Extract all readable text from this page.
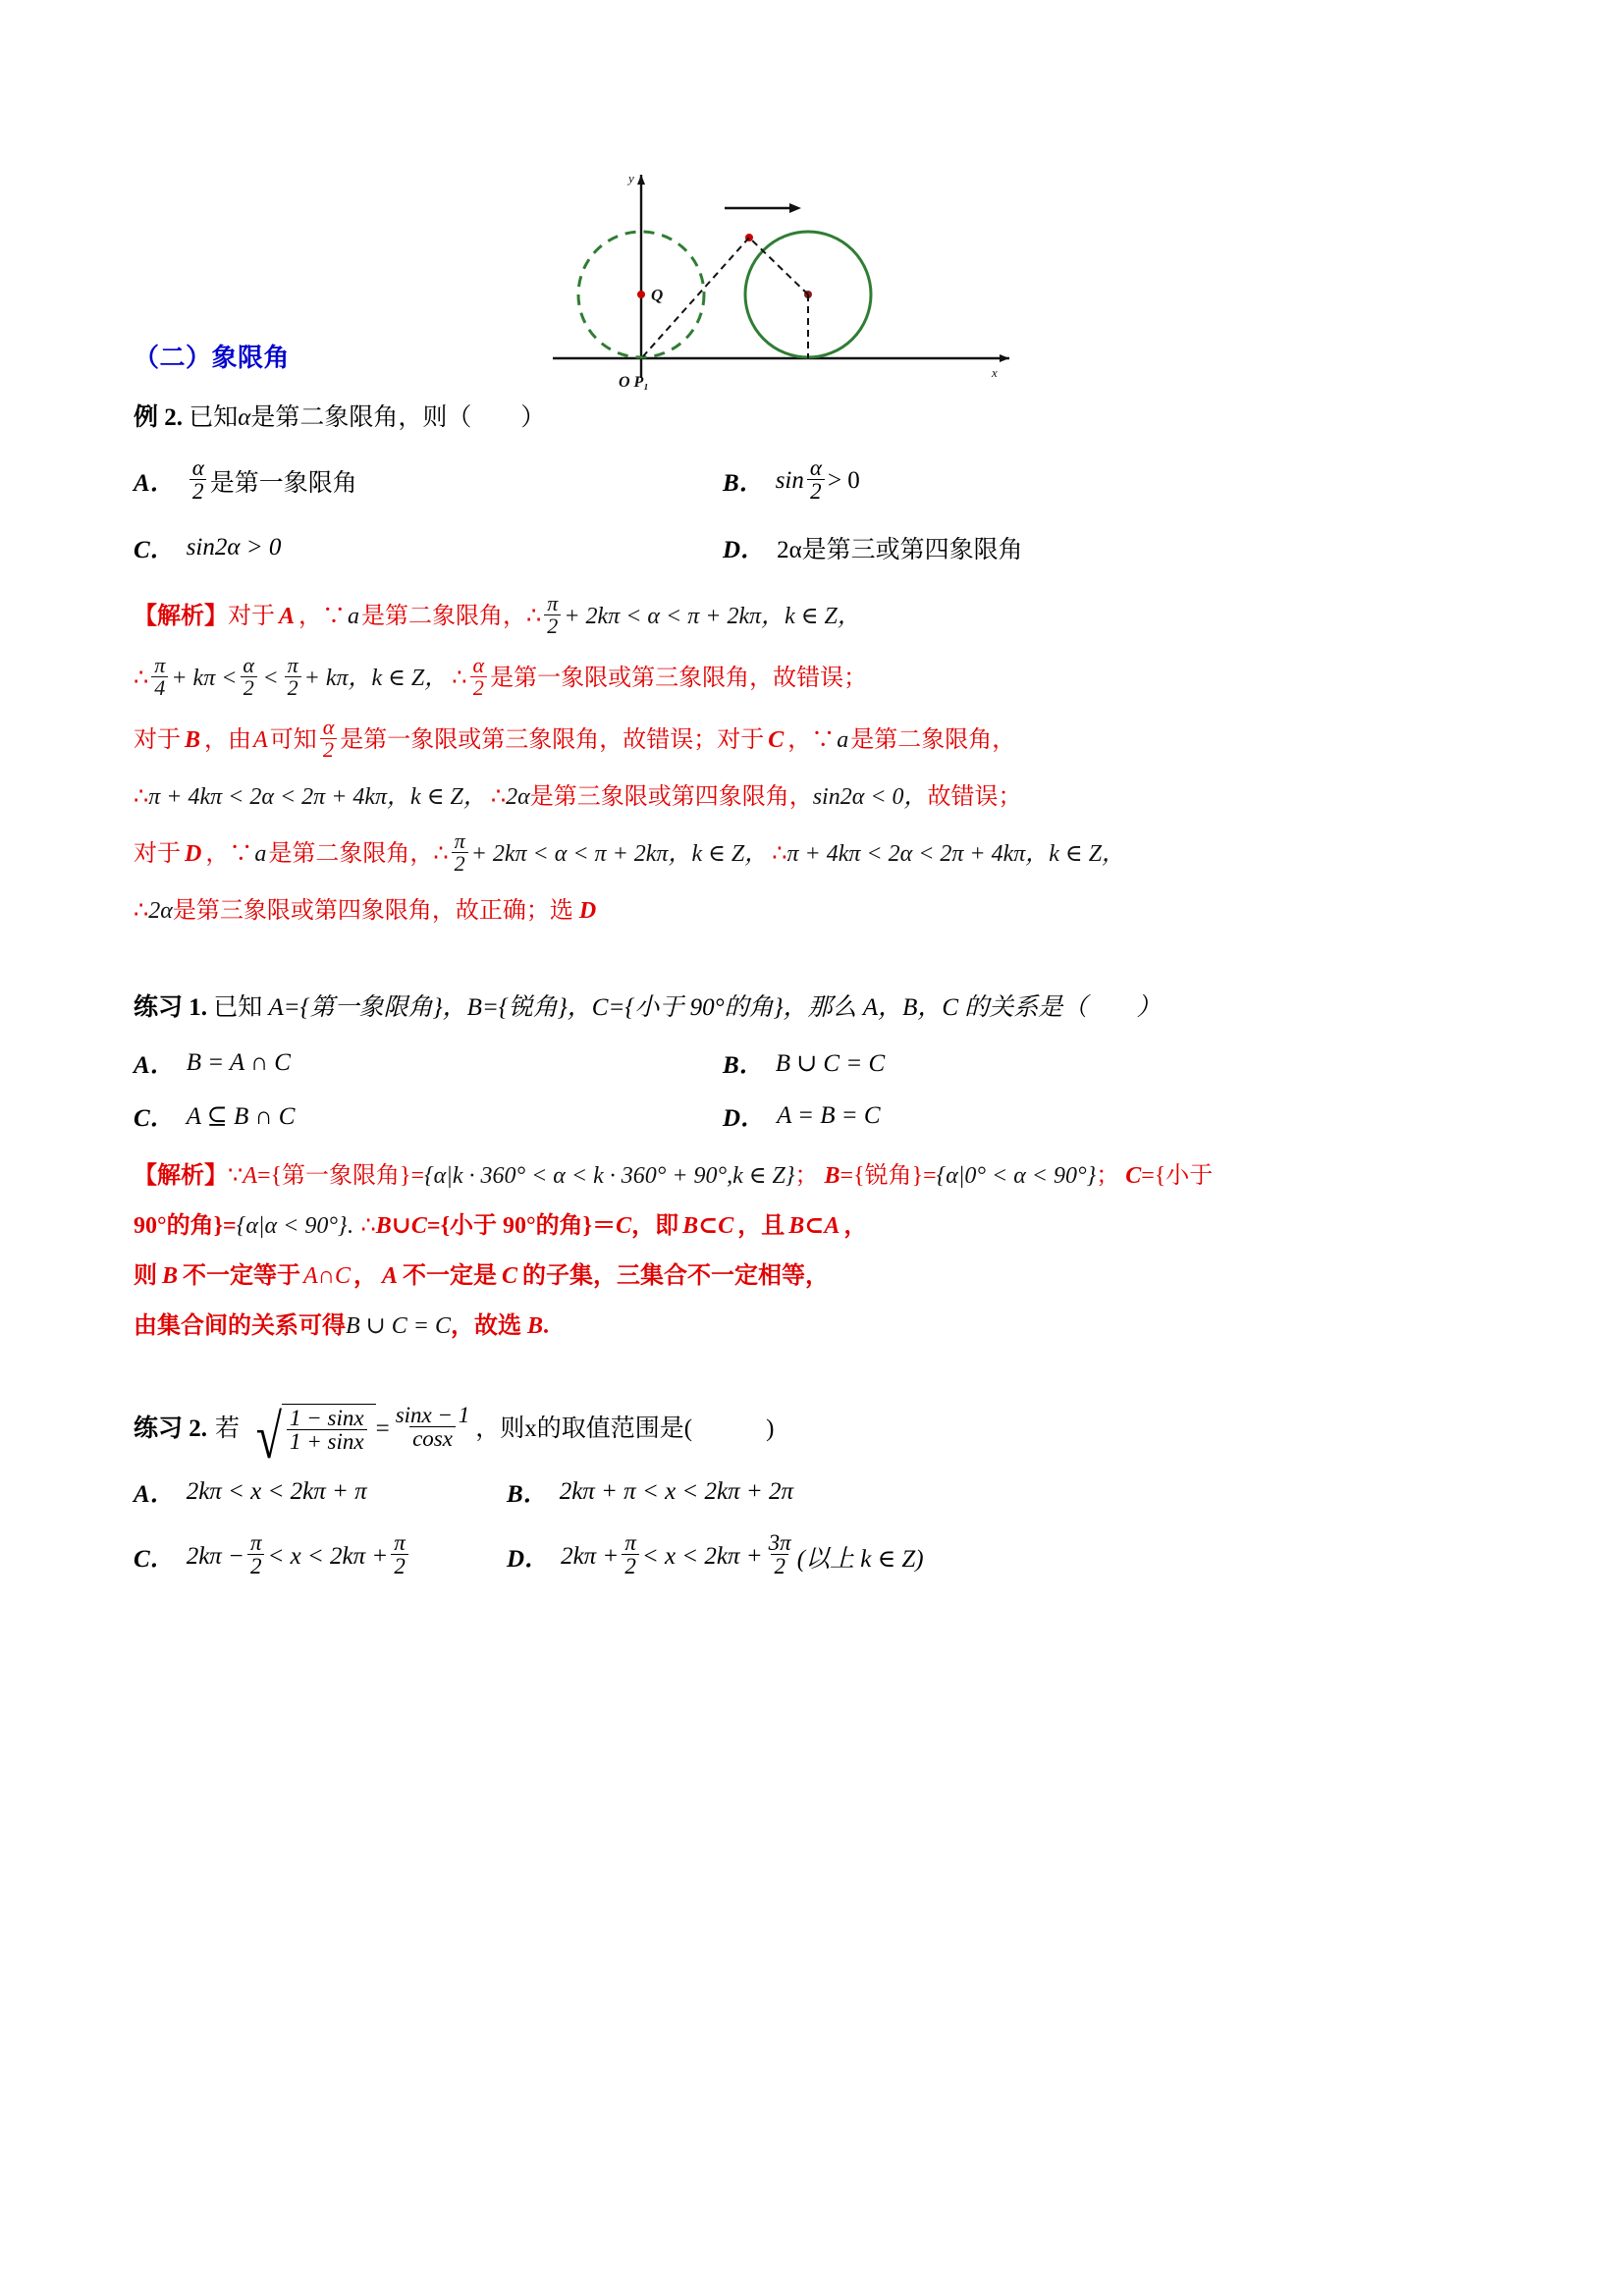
y
x
O P₁
Q
（二）象限角
例 2. 已知α是第二象限角，则（　　）
A． $\frac{\alpha}{2}$ 是第一象限角	B． $\sin \frac{\alpha}{2} > 0$
C． sin2α > 0	D． 2α是第三或第四象限角
【解析】 对于 A ，∵ a 是第二象限角， ∴ $\frac{\pi}{2} + 2k\pi < \alpha < \pi + 2k\pi$，k ∈ Z，
∴ $\frac{\pi}{4} + k\pi < \frac{\alpha}{2} < \frac{\pi}{2} + k\pi$，k ∈ Z， ∴ $\frac{\alpha}{2}$ 是第一象限或第三象限角，故错误；
对于 B ，由 A 可知 $\frac{\alpha}{2}$ 是第一象限或第三象限角，故错误；对于 C ，∵ a 是第二象限角，
∴ π + 4kπ < 2α < 2π + 4kπ，k ∈ Z， ∴ 2α 是第三象限或第四象限角， sin2α < 0， 故错误；
对于 D ，∵ a 是第二象限角， ∴ $\frac{\pi}{2} + 2k\pi < \alpha < \pi + 2k\pi$，k ∈ Z， ∴ π + 4kπ < 2α < 2π + 4kπ，k ∈ Z，
∴ 2α 是第三象限或第四象限角，故正确；选 D
练习 1. 已知 A={第一象限角}，B={锐角}，C={小于 90°的角}，那么 A，B，C 的关系是（　　）
A． B = A ∩ C	B． B ∪ C = C
C． A ⊆ B ∩ C	D． A = B = C
【解析】 ∵ A ={第一象限角}= {α|k · 360° < α < k · 360° + 90°,k ∈ Z} ； B ={锐角}= {α|0° < α < 90°} ； C ={小于
90°的角}= {α|α < 90°} . ∴ B∪C ={小于 90°的角}＝ C ，即 B⊂C ，且 B⊂A ，
则 B 不一定等于 A∩C ， A 不一定是 C 的子集，三集合不一定相等，
由集合间的关系可得 B ∪ C = C ，故选 B .
练习 2. 若 √ $\frac{1 - \sin x}{1 + \sin x} = \frac{\sin x - 1}{\cos x}$ ，则x的取值范围是(　　　)
A． 2kπ < x < 2kπ + π	B． 2kπ + π < x < 2kπ + 2π
C． $2k\pi - \frac{\pi}{2} < x < 2k\pi + \frac{\pi}{2}$	D． $2k\pi + \frac{\pi}{2} < x < 2k\pi + \frac{3\pi}{2}$ (以上 k ∈ Z)
